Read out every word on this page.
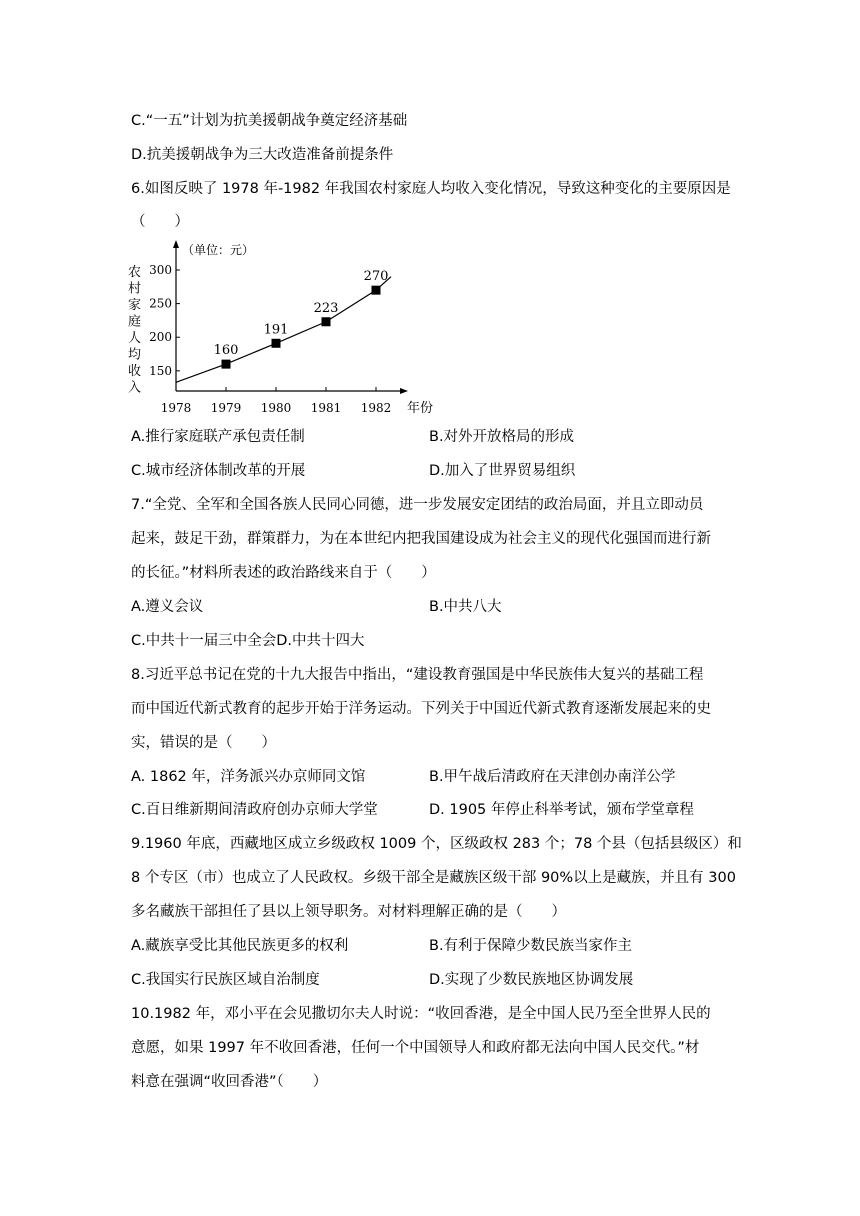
C.“一五”计划为抗美援朝战争奠定经济基础
D.抗美援朝战争为三大改造准备前提条件
6.如图反映了 1978 年-1982 年我国农村家庭人均收入变化情况，导致这种变化的主要原因是
（　　）
（单位：元）
年份
农
村
家
庭
人
均
收
入
150
200
250
300
1978 1979 1980 1981 1982
160
191
223
270
A.推行家庭联产承包责任制	B.对外开放格局的形成
C.城市经济体制改革的开展	D.加入了世界贸易组织
7.“全党、全军和全国各族人民同心同德，进一步发展安定团结的政治局面，并且立即动员
起来，鼓足干劲，群策群力，为在本世纪内把我国建设成为社会主义的现代化强国而进行新
的长征。”材料所表述的政治路线来自于（　　）
A.遵义会议	B.中共八大
C.中共十一届三中全会D.中共十四大
8.习近平总书记在党的十九大报告中指出，“建设教育强国是中华民族伟大复兴的基础工程
而中国近代新式教育的起步开始于洋务运动。下列关于中国近代新式教育逐渐发展起来的史
实，错误的是（　　）
A. 1862 年，洋务派兴办京师同文馆	B.甲午战后清政府在天津创办南洋公学
C.百日维新期间清政府创办京师大学堂	D. 1905 年停止科举考试，颁布学堂章程
9.1960 年底，西藏地区成立乡级政权 1009 个，区级政权 283 个；78 个县（包括县级区）和
8 个专区（市）也成立了人民政权。乡级干部全是藏族区级干部 90%以上是藏族，并且有 300
多名藏族干部担任了县以上领导职务。对材料理解正确的是（　　）
A.藏族享受比其他民族更多的权利	B.有利于保障少数民族当家作主
C.我国实行民族区域自治制度	D.实现了少数民族地区协调发展
10.1982 年，邓小平在会见撒切尔夫人时说：“收回香港，是全中国人民乃至全世界人民的
意愿，如果 1997 年不收回香港，任何一个中国领导人和政府都无法向中国人民交代。”材
料意在强调“收回香港”（　　）
